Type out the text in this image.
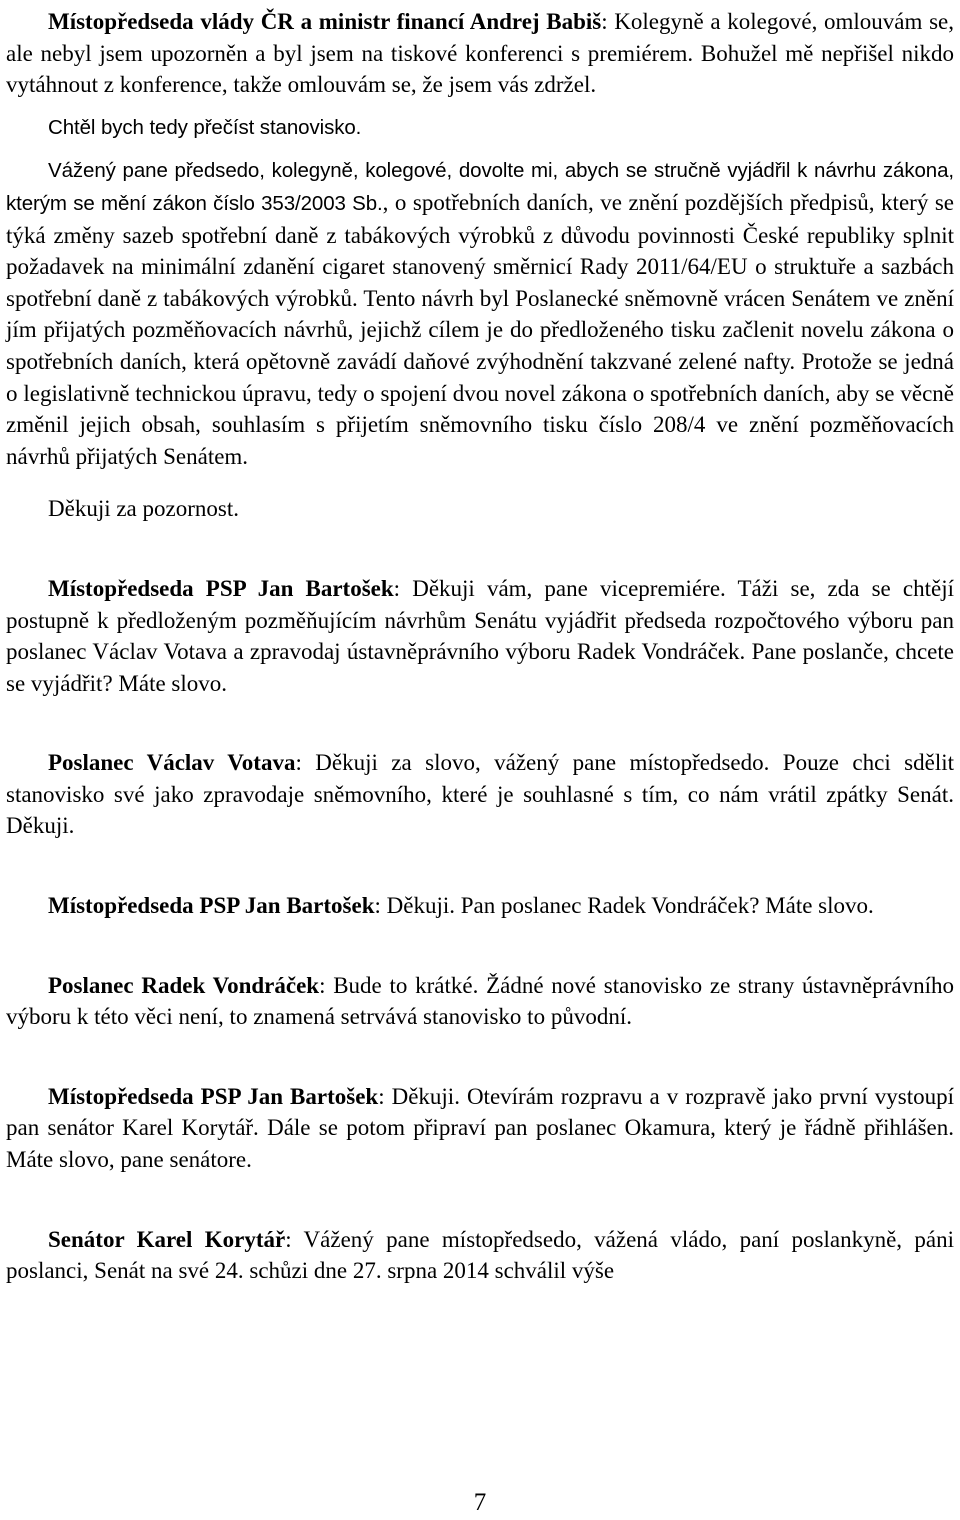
Místopředseda vlády ČR a ministr financí Andrej Babiš: Kolegyně a kolegové, omlouvám se, ale nebyl jsem upozorněn a byl jsem na tiskové konferenci s premiérem. Bohužel mě nepřišel nikdo vytáhnout z konference, takže omlouvám se, že jsem vás zdržel.

Chtěl bych tedy přečíst stanovisko.

Vážený pane předsedo, kolegyně, kolegové, dovolte mi, abych se stručně vyjádřil k návrhu zákona, kterým se mění zákon číslo 353/2003 Sb., o spotřebních daních, ve znění pozdějších předpisů, který se týká změny sazeb spotřební daně z tabákových výrobků z důvodu povinnosti České republiky splnit požadavek na minimální zdanění cigaret stanovený směrnicí Rady 2011/64/EU o struktuře a sazbách spotřební daně z tabákových výrobků. Tento návrh byl Poslanecké sněmovně vrácen Senátem ve znění jím přijatých pozměňovacích návrhů, jejichž cílem je do předloženého tisku začlenit novelu zákona o spotřebních daních, která opětovně zavádí daňové zvýhodnění takzvané zelené nafty. Protože se jedná o legislativně technickou úpravu, tedy o spojení dvou novel zákona o spotřebních daních, aby se věcně změnil jejich obsah, souhlasím s přijetím sněmovního tisku číslo 208/4 ve znění pozměňovacích návrhů přijatých Senátem.

Děkuji za pozornost.

Místopředseda PSP Jan Bartošek: Děkuji vám, pane vicepremiére. Táži se, zda se chtějí postupně k předloženým pozměňujícím návrhům Senátu vyjádřit předseda rozpočtového výboru pan poslanec Václav Votava a zpravodaj ústavněprávního výboru Radek Vondráček. Pane poslanče, chcete se vyjádřit? Máte slovo.

Poslanec Václav Votava: Děkuji za slovo, vážený pane místopředsedo. Pouze chci sdělit stanovisko své jako zpravodaje sněmovního, které je souhlasné s tím, co nám vrátil zpátky Senát. Děkuji.

Místopředseda PSP Jan Bartošek: Děkuji. Pan poslanec Radek Vondráček? Máte slovo.

Poslanec Radek Vondráček: Bude to krátké. Žádné nové stanovisko ze strany ústavněprávního výboru k této věci není, to znamená setrvává stanovisko to původní.

Místopředseda PSP Jan Bartošek: Děkuji. Otevírám rozpravu a v rozpravě jako první vystoupí pan senátor Karel Korytář. Dále se potom připraví pan poslanec Okamura, který je řádně přihlášen. Máte slovo, pane senátore.

Senátor Karel Korytář: Vážený pane místopředsedo, vážená vládo, paní poslankyně, páni poslanci, Senát na své 24. schůzi dne 27. srpna 2014 schválil výše

7
